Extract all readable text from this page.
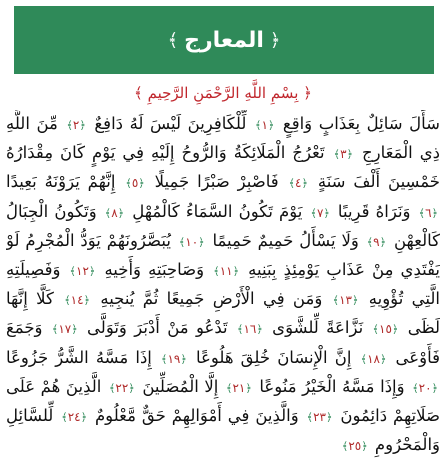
﴾ المعارج ﴿
﴿ بِسْمِ اللَّهِ الرَّحْمَنِ الرَّحِيمِ ﴾
سَأَلَ سَائِلٌ بِعَذَابٍ وَاقِعٍ ﴿١﴾ لِّلْكَافِرِينَ لَيْسَ لَهُ دَافِعٌ ﴿٢﴾ مِّنَ اللَّهِ ذِي الْمَعَارِجِ ﴿٣﴾ تَعْرُجُ الْمَلَائِكَةُ وَالرُّوحُ إِلَيْهِ فِي يَوْمٍ كَانَ مِقْدَارُهُ خَمْسِينَ أَلْفَ سَنَةٍ ﴿٤﴾ فَاصْبِرْ صَبْرًا جَمِيلًا ﴿٥﴾ إِنَّهُمْ يَرَوْنَهُ بَعِيدًا ﴿٦﴾ وَنَرَاهُ قَرِيبًا ﴿٧﴾ يَوْمَ تَكُونُ السَّمَاءُ كَالْمُهْلِ ﴿٨﴾ وَتَكُونُ الْجِبَالُ كَالْعِهْنِ ﴿٩﴾ وَلَا يَسْأَلُ حَمِيمٌ حَمِيمًا ﴿١٠﴾ يُبَصَّرُونَهُمْ يَوَدُّ الْمُجْرِمُ لَوْ يَفْتَدِي مِنْ عَذَابِ يَوْمِئِذٍ بِبَنِيهِ ﴿١١﴾ وَصَاحِبَتِهِ وَأَخِيهِ ﴿١٢﴾ وَفَصِيلَتِهِ الَّتِي تُؤْوِيهِ ﴿١٣﴾ وَمَن فِي الْأَرْضِ جَمِيعًا ثُمَّ يُنجِيهِ ﴿١٤﴾ كَلَّا إِنَّهَا لَظَى ﴿١٥﴾ نَزَّاعَةً لِّلشَّوَى ﴿١٦﴾ تَدْعُو مَنْ أَدْبَرَ وَتَوَلَّى ﴿١٧﴾ وَجَمَعَ فَأَوْعَى ﴿١٨﴾ إِنَّ الْإِنسَانَ خُلِقَ هَلُوعًا ﴿١٩﴾ إِذَا مَسَّهُ الشَّرُّ جَزُوعًا ﴿٢٠﴾ وَإِذَا مَسَّهُ الْخَيْرُ مَنُوعًا ﴿٢١﴾ إِلَّا الْمُصَلِّينَ ﴿٢٢﴾ الَّذِينَ هُمْ عَلَى صَلَاتِهِمْ دَائِمُونَ ﴿٢٣﴾ وَالَّذِينَ فِي أَمْوَالِهِمْ حَقٌّ مَّعْلُومٌ ﴿٢٤﴾ لِّلسَّائِلِ وَالْمَحْرُومِ ﴿٢٥﴾
